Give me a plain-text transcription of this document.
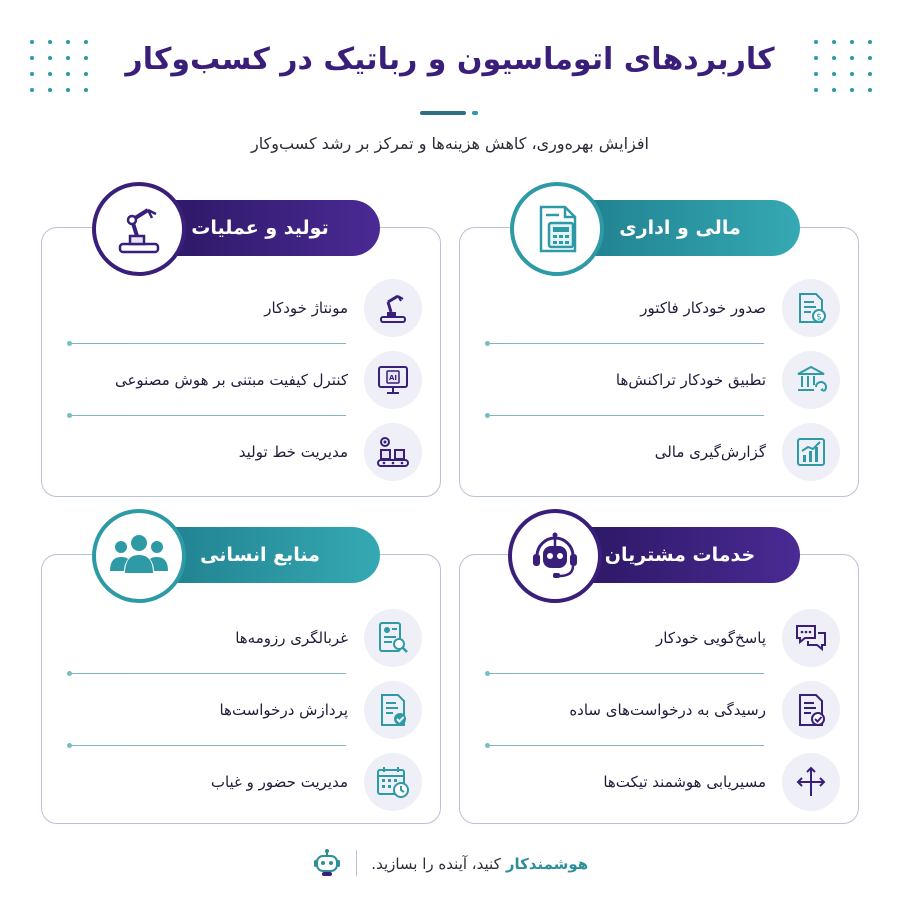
کاربردهای اتوماسیون و رباتیک در کسب‌وکار

افزایش بهره‌وری، کاهش هزینه‌ها و تمرکز بر رشد کسب‌وکار

مالی و اداری
$
صدور خودکار فاکتور
تطبیق خودکار تراکنش‌ها
گزارش‌گیری مالی
تولید و عملیات
مونتاژ خودکار
AI
کنترل کیفیت مبتنی بر هوش مصنوعی
مدیریت خط تولید
خدمات مشتریان
پاسخ‌گویی خودکار
رسیدگی به درخواست‌های ساده
مسیریابی هوشمند تیکت‌ها
منابع انسانی
غربالگری رزومه‌ها
پردازش درخواست‌ها
مدیریت حضور و غیاب
هوشمندکار کنید، آینده را بسازید.
